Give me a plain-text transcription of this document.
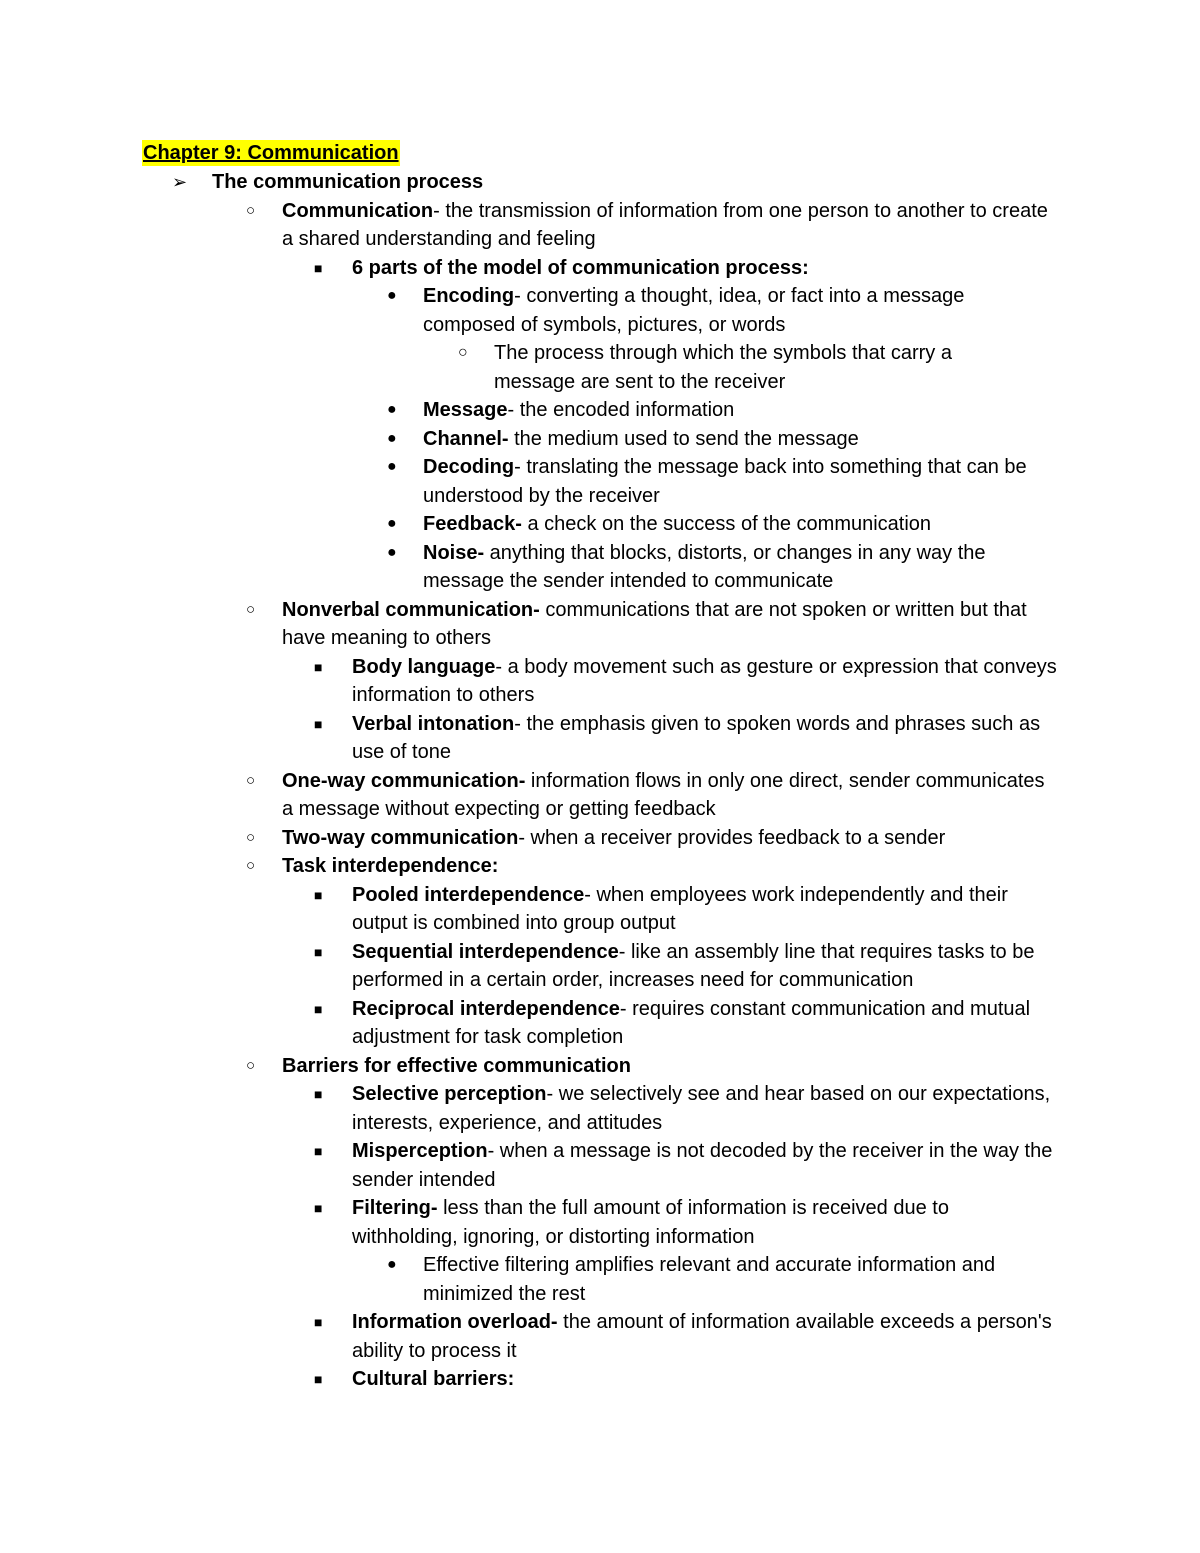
Chapter 9: Communication
➢ The communication process
○ Communication- the transmission of information from one person to another to create a shared understanding and feeling
■ 6 parts of the model of communication process:
● Encoding- converting a thought, idea, or fact into a message composed of symbols, pictures, or words
○ The process through which the symbols that carry a message are sent to the receiver
● Message- the encoded information
● Channel- the medium used to send the message
● Decoding- translating the message back into something that can be understood by the receiver
● Feedback- a check on the success of the communication
● Noise- anything that blocks, distorts, or changes in any way the message the sender intended to communicate
○ Nonverbal communication- communications that are not spoken or written but that have meaning to others
■ Body language- a body movement such as gesture or expression that conveys information to others
■ Verbal intonation- the emphasis given to spoken words and phrases such as use of tone
○ One-way communication- information flows in only one direct, sender communicates a message without expecting or getting feedback
○ Two-way communication- when a receiver provides feedback to a sender
○ Task interdependence:
■ Pooled interdependence- when employees work independently and their output is combined into group output
■ Sequential interdependence- like an assembly line that requires tasks to be performed in a certain order, increases need for communication
■ Reciprocal interdependence- requires constant communication and mutual adjustment for task completion
○ Barriers for effective communication
■ Selective perception- we selectively see and hear based on our expectations, interests, experience, and attitudes
■ Misperception- when a message is not decoded by the receiver in the way the sender intended
■ Filtering- less than the full amount of information is received due to withholding, ignoring, or distorting information
● Effective filtering amplifies relevant and accurate information and minimized the rest
■ Information overload- the amount of information available exceeds a person's ability to process it
■ Cultural barriers:
